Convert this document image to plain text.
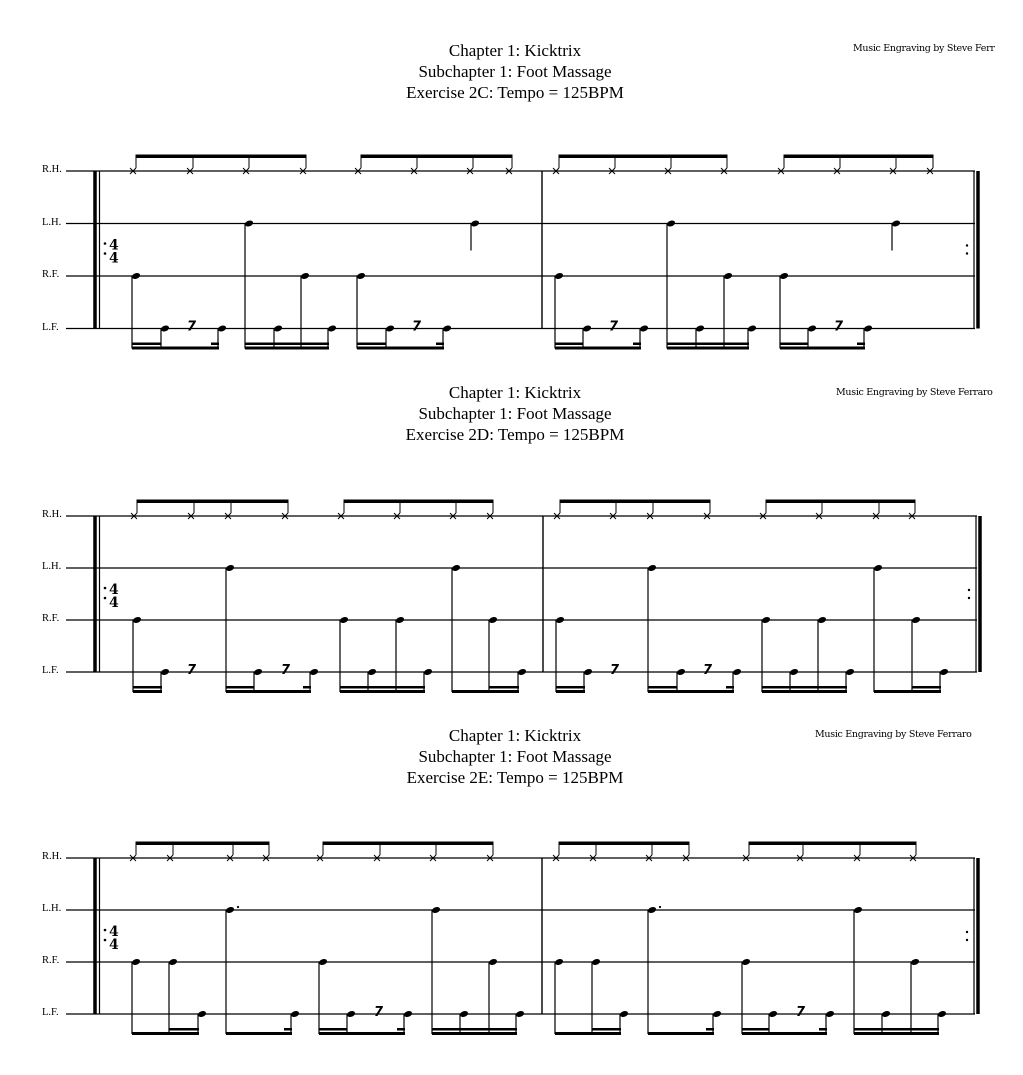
Chapter 1: Kicktrix
Subchapter 1: Foot Massage
Exercise 2C: Tempo = 125BPM
Music Engraving by Steve Ferr
R.H.
L.H.
R.F.
L.F.
Chapter 1: Kicktrix
Subchapter 1: Foot Massage
Exercise 2D: Tempo = 125BPM
Music Engraving by Steve Ferraro
R.H.
L.H.
R.F.
L.F.
Chapter 1: Kicktrix
Subchapter 1: Foot Massage
Exercise 2E: Tempo = 125BPM
Music Engraving by Steve Ferraro
R.H.
L.H.
R.F.
L.F.
4
4
7	7	7	7
4
4
7	7	7	7
4
4
7	7
